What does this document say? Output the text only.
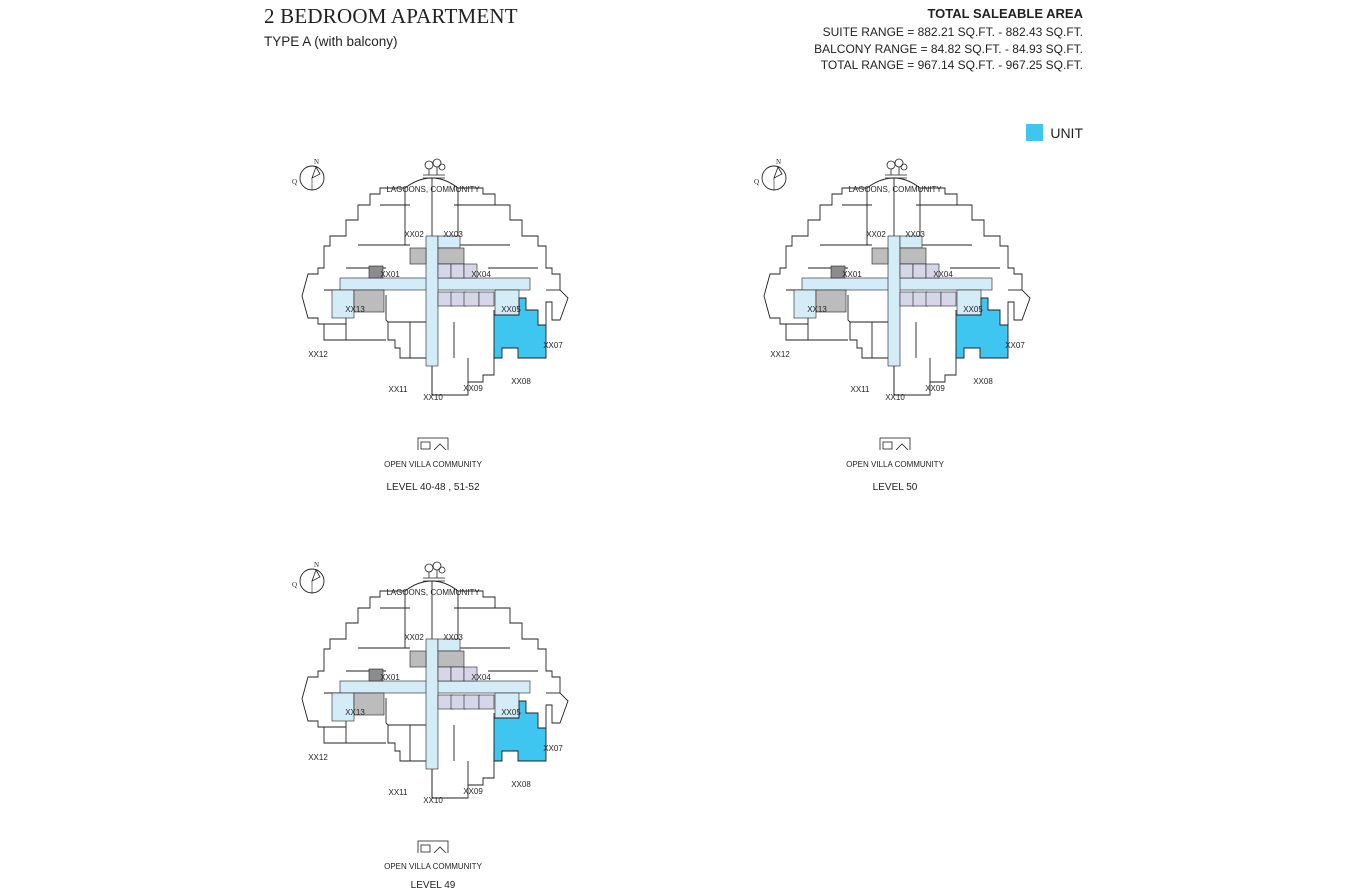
2 BEDROOM APARTMENT
TYPE A (with balcony)
TOTAL SALEABLE AREA
SUITE RANGE = 882.21 SQ.FT. - 882.43 SQ.FT.
BALCONY RANGE = 84.82 SQ.FT. - 84.93 SQ.FT.
TOTAL RANGE = 967.14 SQ.FT. - 967.25 SQ.FT.
UNIT
N
Q
XX02 XX03
XX01	XX04
XX13	XX05
XX12
XX07
XX08
XX11
XX10
XX09
LAGOONS, COMMUNITY
OPEN VILLA COMMUNITY
LEVEL 40-48 , 51-52
N
Q
XX02 XX03
XX01	XX04
XX13	XX05
XX12
XX07
XX08
XX11
XX10
XX09
LAGOONS, COMMUNITY
OPEN VILLA COMMUNITY
LEVEL 50
N
Q
XX02 XX03
XX01	XX04
XX13	XX05
XX12
XX07
XX08
XX11
XX10
XX09
LAGOONS, COMMUNITY
OPEN VILLA COMMUNITY
LEVEL 49
